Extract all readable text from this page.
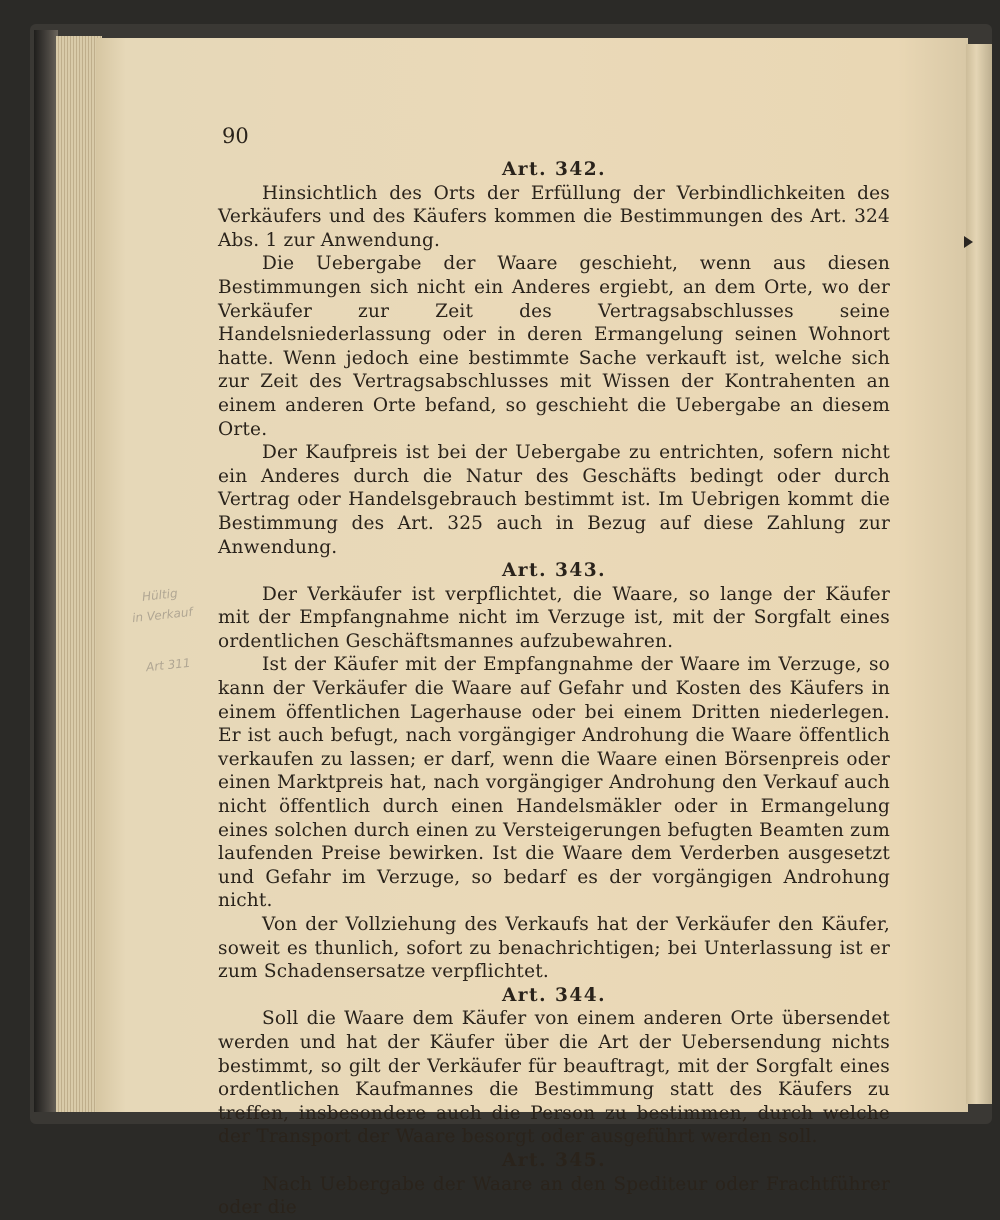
Hültig
in Verkauf
Art 311
90
Art. 342.

Hinsichtlich des Orts der Erfüllung der Verbindlichkeiten des Verkäufers und des Käufers kommen die Bestimmungen des Art. 324 Abs. 1 zur Anwendung.

Die Uebergabe der Waare geschieht, wenn aus diesen Bestimmungen sich nicht ein Anderes ergiebt, an dem Orte, wo der Verkäufer zur Zeit des Vertragsabschlusses seine Handelsniederlassung oder in deren Ermangelung seinen Wohnort hatte. Wenn jedoch eine bestimmte Sache verkauft ist, welche sich zur Zeit des Vertragsabschlusses mit Wissen der Kontrahenten an einem anderen Orte befand, so geschieht die Uebergabe an diesem Orte.

Der Kaufpreis ist bei der Uebergabe zu entrichten, sofern nicht ein Anderes durch die Natur des Geschäfts bedingt oder durch Vertrag oder Handelsgebrauch bestimmt ist. Im Uebrigen kommt die Bestimmung des Art. 325 auch in Bezug auf diese Zahlung zur Anwendung.

Art. 343.

Der Verkäufer ist verpflichtet, die Waare, so lange der Käufer mit der Empfangnahme nicht im Verzuge ist, mit der Sorgfalt eines ordentlichen Geschäftsmannes aufzubewahren.

Ist der Käufer mit der Empfangnahme der Waare im Verzuge, so kann der Verkäufer die Waare auf Gefahr und Kosten des Käufers in einem öffentlichen Lagerhause oder bei einem Dritten niederlegen. Er ist auch befugt, nach vorgängiger Androhung die Waare öffentlich verkaufen zu lassen; er darf, wenn die Waare einen Börsenpreis oder einen Marktpreis hat, nach vorgängiger Androhung den Verkauf auch nicht öffentlich durch einen Handelsmäkler oder in Ermangelung eines solchen durch einen zu Versteigerungen befugten Beamten zum laufenden Preise bewirken. Ist die Waare dem Verderben ausgesetzt und Gefahr im Verzuge, so bedarf es der vorgängigen Androhung nicht.

Von der Vollziehung des Verkaufs hat der Verkäufer den Käufer, soweit es thunlich, sofort zu benachrichtigen; bei Unterlassung ist er zum Schadensersatze verpflichtet.

Art. 344.

Soll die Waare dem Käufer von einem anderen Orte übersendet werden und hat der Käufer über die Art der Uebersendung nichts bestimmt, so gilt der Verkäufer für beauftragt, mit der Sorgfalt eines ordentlichen Kaufmannes die Bestimmung statt des Käufers zu treffen, insbesondere auch die Person zu bestimmen, durch welche der Transport der Waare besorgt oder ausgeführt werden soll.

Art. 345.

Nach Uebergabe der Waare an den Spediteur oder Frachtführer oder die
